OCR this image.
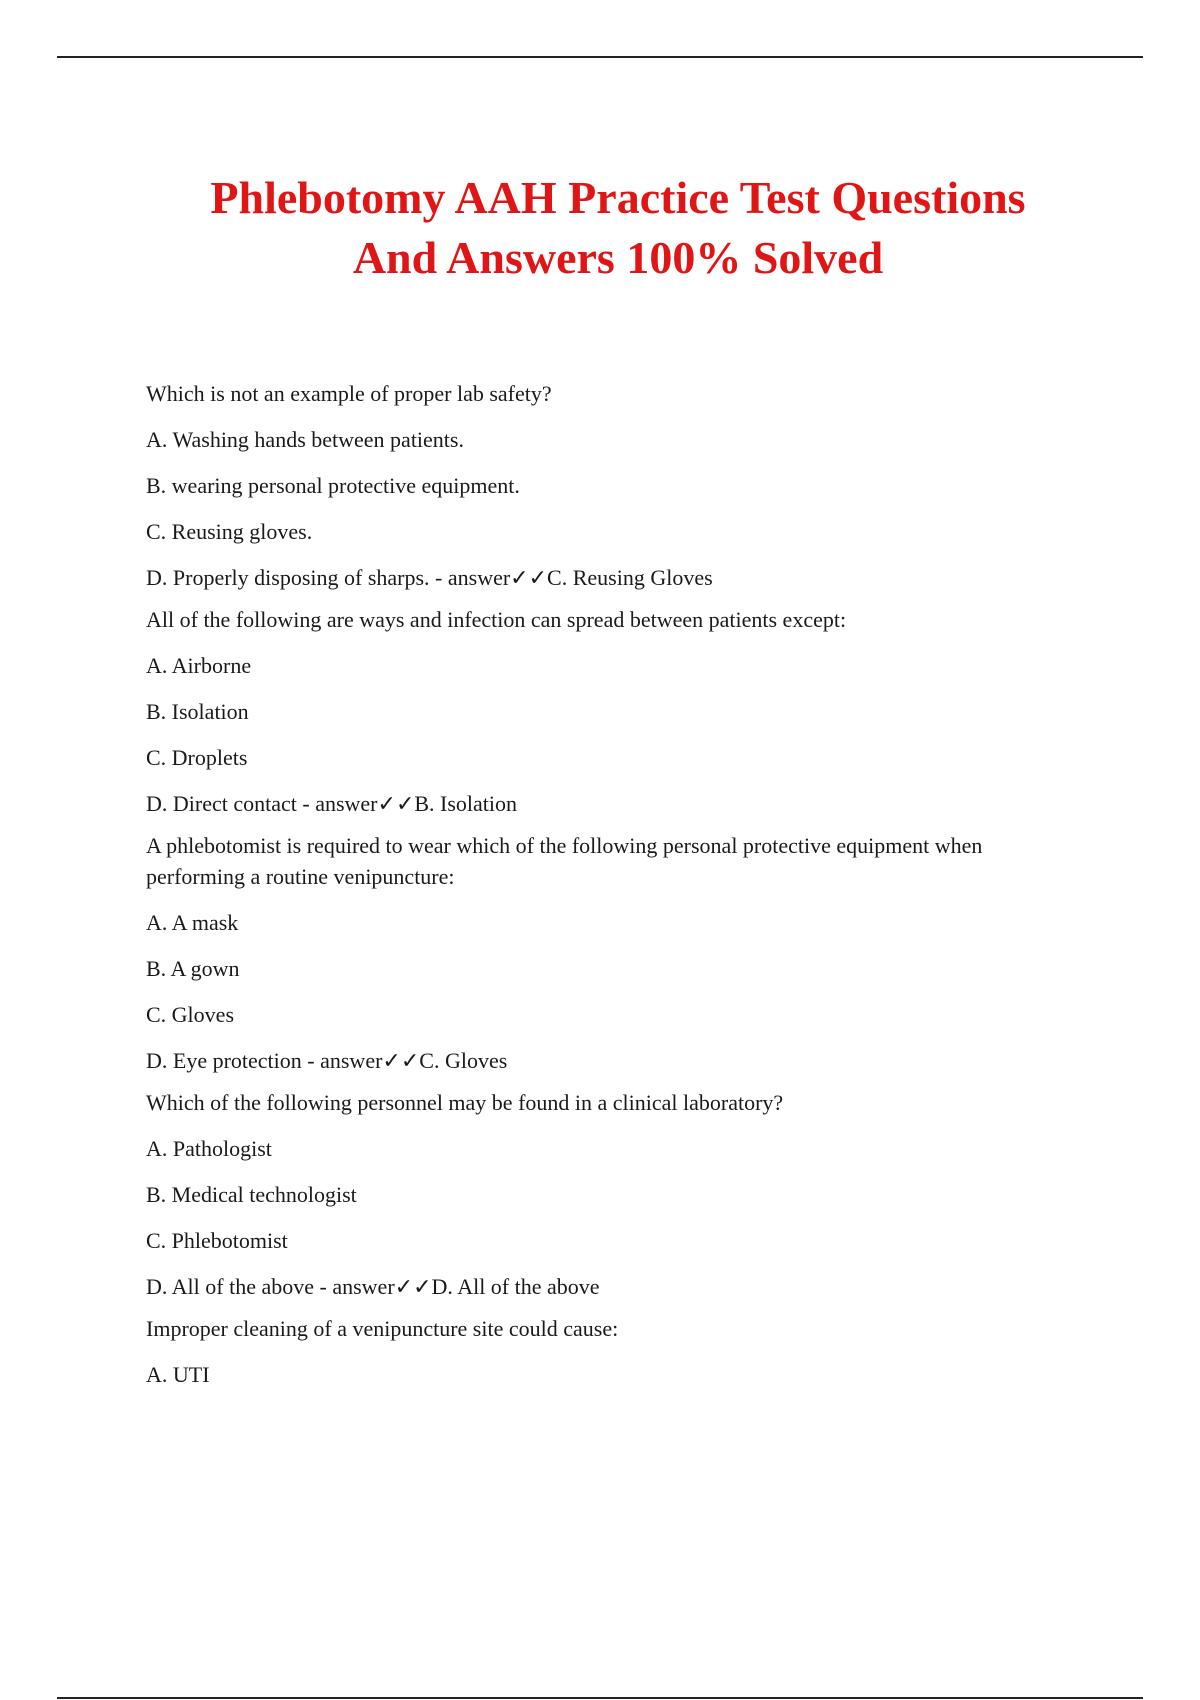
Phlebotomy AAH Practice Test Questions
And Answers 100% Solved

Which is not an example of proper lab safety?

A. Washing hands between patients.

B. wearing personal protective equipment.

C. Reusing gloves.

D. Properly disposing of sharps. - answer✓✓C. Reusing Gloves

All of the following are ways and infection can spread between patients except:

A. Airborne

B. Isolation

C. Droplets

D. Direct contact - answer✓✓B. Isolation

A phlebotomist is required to wear which of the following personal protective equipment when performing a routine venipuncture:

A. A mask

B. A gown

C. Gloves

D. Eye protection - answer✓✓C. Gloves

Which of the following personnel may be found in a clinical laboratory?

A. Pathologist

B. Medical technologist

C. Phlebotomist

D. All of the above - answer✓✓D. All of the above

Improper cleaning of a venipuncture site could cause:

A. UTI
